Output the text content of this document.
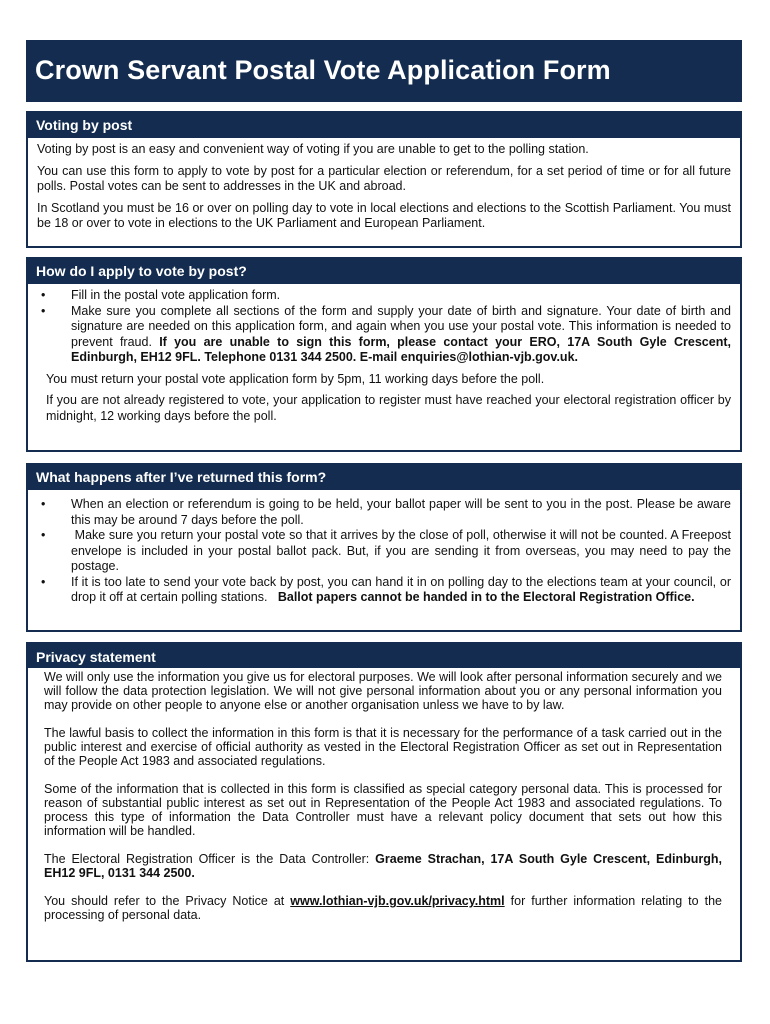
Crown Servant Postal Vote Application Form
Voting by post

Voting by post is an easy and convenient way of voting if you are unable to get to the polling station.

You can use this form to apply to vote by post for a particular election or referendum, for a set period of time or for all future polls. Postal votes can be sent to addresses in the UK and abroad.

In Scotland you must be 16 or over on polling day to vote in local elections and elections to the Scottish Parliament. You must be 18 or over to vote in elections to the UK Parliament and European Parliament.

How do I apply to vote by post?
• Fill in the postal vote application form.
• Make sure you complete all sections of the form and supply your date of birth and signature. Your date of birth and signature are needed on this application form, and again when you use your postal vote. This information is needed to prevent fraud. If you are unable to sign this form, please contact your ERO, 17A South Gyle Crescent, Edinburgh, EH12 9FL. Telephone 0131 344 2500. E-mail enquiries@lothian-vjb.gov.uk.

You must return your postal vote application form by 5pm, 11 working days before the poll.

If you are not already registered to vote, your application to register must have reached your electoral registration officer by midnight, 12 working days before the poll.

What happens after I’ve returned this form?
• When an election or referendum is going to be held, your ballot paper will be sent to you in the post. Please be aware this may be around 7 days before the poll.
•  Make sure you return your postal vote so that it arrives by the close of poll, otherwise it will not be counted. A Freepost envelope is included in your postal ballot pack. But, if you are sending it from overseas, you may need to pay the postage.
• If it is too late to send your vote back by post, you can hand it in on polling day to the elections team at your council, or drop it off at certain polling stations. Ballot papers cannot be handed in to the Electoral Registration Office.
Privacy statement

We will only use the information you give us for electoral purposes. We will look after personal information securely and we will follow the data protection legislation. We will not give personal information about you or any personal information you may provide on other people to anyone else or another organisation unless we have to by law.

The lawful basis to collect the information in this form is that it is necessary for the performance of a task carried out in the public interest and exercise of official authority as vested in the Electoral Registration Officer as set out in Representation of the People Act 1983 and associated regulations.

Some of the information that is collected in this form is classified as special category personal data. This is processed for reason of substantial public interest as set out in Representation of the People Act 1983 and associated regulations. To process this type of information the Data Controller must have a relevant policy document that sets out how this information will be handled.

The Electoral Registration Officer is the Data Controller: Graeme Strachan, 17A South Gyle Crescent, Edinburgh, EH12 9FL, 0131 344 2500.

You should refer to the Privacy Notice at www.lothian-vjb.gov.uk/privacy.html for further information relating to the processing of personal data.
